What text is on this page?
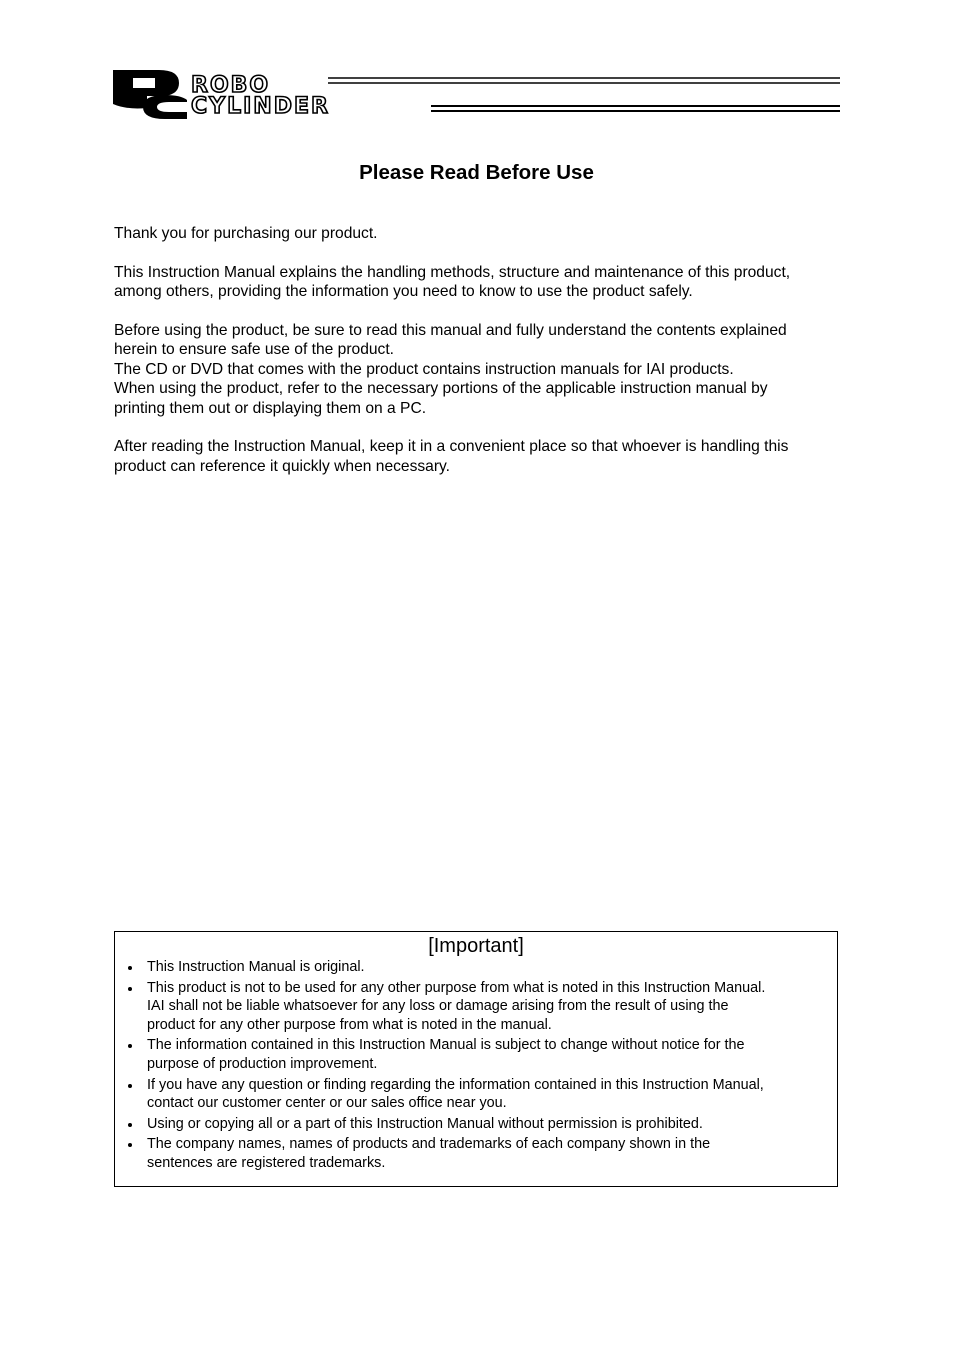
ROBO
CYLINDER
Please Read Before Use

Thank you for purchasing our product.

This Instruction Manual explains the handling methods, structure and maintenance of this product,
among others, providing the information you need to know to use the product safely.

Before using the product, be sure to read this manual and fully understand the contents explained
herein to ensure safe use of the product.
The CD or DVD that comes with the product contains instruction manuals for IAI products.
When using the product, refer to the necessary portions of the applicable instruction manual by
printing them out or displaying them on a PC.

After reading the Instruction Manual, keep it in a convenient place so that whoever is handling this
product can reference it quickly when necessary.

[Important]
This Instruction Manual is original.
This product is not to be used for any other purpose from what is noted in this Instruction Manual.
IAI shall not be liable whatsoever for any loss or damage arising from the result of using the
product for any other purpose from what is noted in the manual.
The information contained in this Instruction Manual is subject to change without notice for the
purpose of production improvement.
If you have any question or finding regarding the information contained in this Instruction Manual,
contact our customer center or our sales office near you.
Using or copying all or a part of this Instruction Manual without permission is prohibited.
The company names, names of products and trademarks of each company shown in the
sentences are registered trademarks.
